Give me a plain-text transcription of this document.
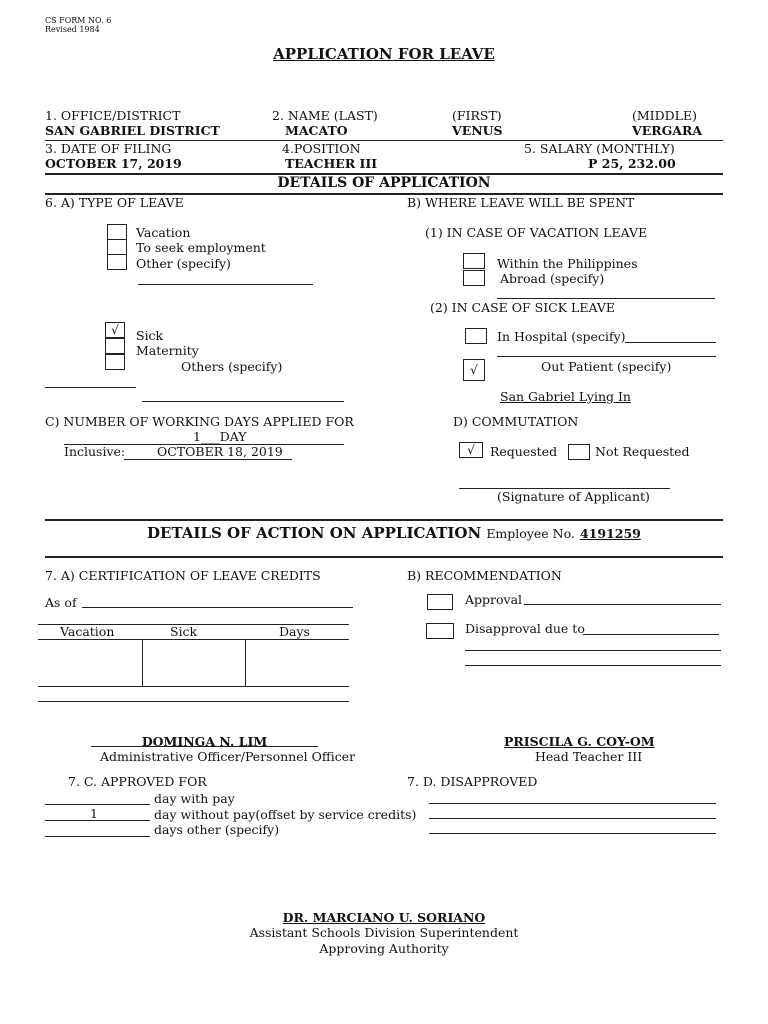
CS FORM NO. 6
Revised 1984
APPLICATION FOR LEAVE
1. OFFICE/DISTRICT	2. NAME (LAST)	(FIRST)	(MIDDLE)
SAN GABRIEL DISTRICT	MACATO	VENUS	VERGARA
3. DATE OF FILING	4.POSITION	5. SALARY (MONTHLY)
OCTOBER 17, 2019	TEACHER III	P 25, 232.00
DETAILS OF APPLICATION
6. A) TYPE OF LEAVE
Vacation
To seek employment
Other (specify)
√	Sick
Maternity
Others (specify)
B) WHERE LEAVE WILL BE SPENT
(1) IN CASE OF VACATION LEAVE
Within the Philippines
Abroad (specify)
(2) IN CASE OF SICK LEAVE
In Hospital (specify)
√	Out Patient (specify)
San Gabriel Lying In
C) NUMBER OF WORKING DAYS APPLIED FOR
1___DAY
Inclusive:	OCTOBER 18, 2019
D) COMMUTATION
√	Requested	Not Requested
(Signature of Applicant)
DETAILS OF ACTION ON APPLICATION Employee No. 4191259
7. A) CERTIFICATION OF LEAVE CREDITS
As of
Vacation	Sick	Days
B) RECOMMENDATION
Approval
Disapproval due to
DOMINGA N. LIM
Administrative Officer/Personnel Officer
PRISCILA G. COY-OM
Head Teacher III
7. C. APPROVED FOR
day with pay
1	day without pay(offset by service credits)
days other (specify)
7. D. DISAPPROVED
DR. MARCIANO U. SORIANO
Assistant Schools Division Superintendent
Approving Authority
